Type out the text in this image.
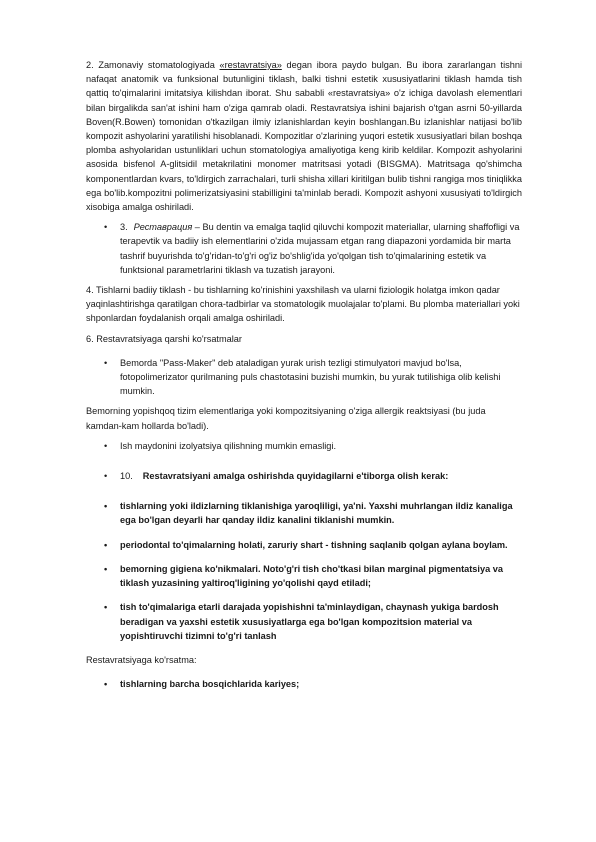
2. Zamonaviy stomatologiyada «restavratsiya» degan ibora paydo bulgan. Bu ibora zararlangan tishni nafaqat anatomik va funksional butunligini tiklash, balki tishni estetik xususiyatlarini tiklash hamda tish qattiq to'qimalarini imitatsiya kilishdan iborat. Shu sababli «restavratsiya» o'z ichiga davolash elementlari bilan birgalikda san'at ishini ham o'ziga qamrab oladi. Restavratsiya ishini bajarish o'tgan asrni 50-yillarda Boven(R.Bowen) tomonidan o'tkazilgan ilmiy izlanishlardan keyin boshlangan.Bu izlanishlar natijasi bo'lib kompozit ashyolarini yaratilishi hisoblanadi. Kompozitlar o'zlarining yuqori estetik xususiyatlari bilan boshqa plomba ashyolaridan ustunliklari uchun stomatologiya amaliyotiga keng kirib keldilar. Kompozit ashyolarini asosida bisfenol A-glitsidil metakrilatini monomer matritsasi yotadi (BISGMA). Matritsaga qo'shimcha komponentlardan kvars, to'ldirgich zarrachalari, turli shisha xillari kiritilgan bulib tishni rangiga mos tiniqlikka ega bo'lib.kompozitni polimerizatsiyasini stabilligini ta'minlab beradi. Kompozit ashyoni xususiyati to'ldirgich xisobiga amalga oshiriladi.

• 3. Реставрация – Bu dentin va emalga taqlid qiluvchi kompozit materiallar, ularning shaffofligi va terapevtik va badiiy ish elementlarini o'zida mujassam etgan rang diapazoni yordamida bir marta tashrif buyurishda to'g'ridan-to'g'ri og'iz bo'shlig'ida yo'qolgan tish to'qimalarining estetik va funktsional parametrlarini tiklash va tuzatish jarayoni.

4. Tishlarni badiiy tiklash - bu tishlarning ko'rinishini yaxshilash va ularni fiziologik holatga imkon qadar yaqinlashtirishga qaratilgan chora-tadbirlar va stomatologik muolajalar to'plami. Bu plomba materiallari yoki shponlardan foydalanish orqali amalga oshiriladi.

6. Restavratsiyaga qarshi ko'rsatmalar

• Bemorda "Pass-Maker" deb ataladigan yurak urish tezligi stimulyatori mavjud bo'lsa, fotopolimerizator qurilmaning puls chastotasini buzishi mumkin, bu yurak tutilishiga olib kelishi mumkin.

Bemorning yopishqoq tizim elementlariga yoki kompozitsiyaning o'ziga allergik reaktsiyasi (bu juda kamdan-kam hollarda bo'ladi).

• Ish maydonini izolyatsiya qilishning mumkin emasligi.
• 10. Restavratsiyani amalga oshirishda quyidagilarni e'tiborga olish kerak:
• tishlarning yoki ildizlarning tiklanishiga yaroqliligi, ya'ni. Yaxshi muhrlangan ildiz kanaliga ega bo'lgan deyarli har qanday ildiz kanalini tiklanishi mumkin.
• periodontal to'qimalarning holati, zaruriy shart - tishning saqlanib qolgan aylana boylam.
• bemorning gigiena ko'nikmalari. Noto'g'ri tish cho'tkasi bilan marginal pigmentatsiya va tiklash yuzasining yaltiroq'ligining yo'qolishi qayd etiladi;
• tish to'qimalariga etarli darajada yopishishni ta'minlaydigan, chaynash yukiga bardosh beradigan va yaxshi estetik xususiyatlarga ega bo'lgan kompozitsion material va yopishtiruvchi tizimni to'g'ri tanlash

Restavratsiyaga ko'rsatma:

• tishlarning barcha bosqichlarida kariyes;
